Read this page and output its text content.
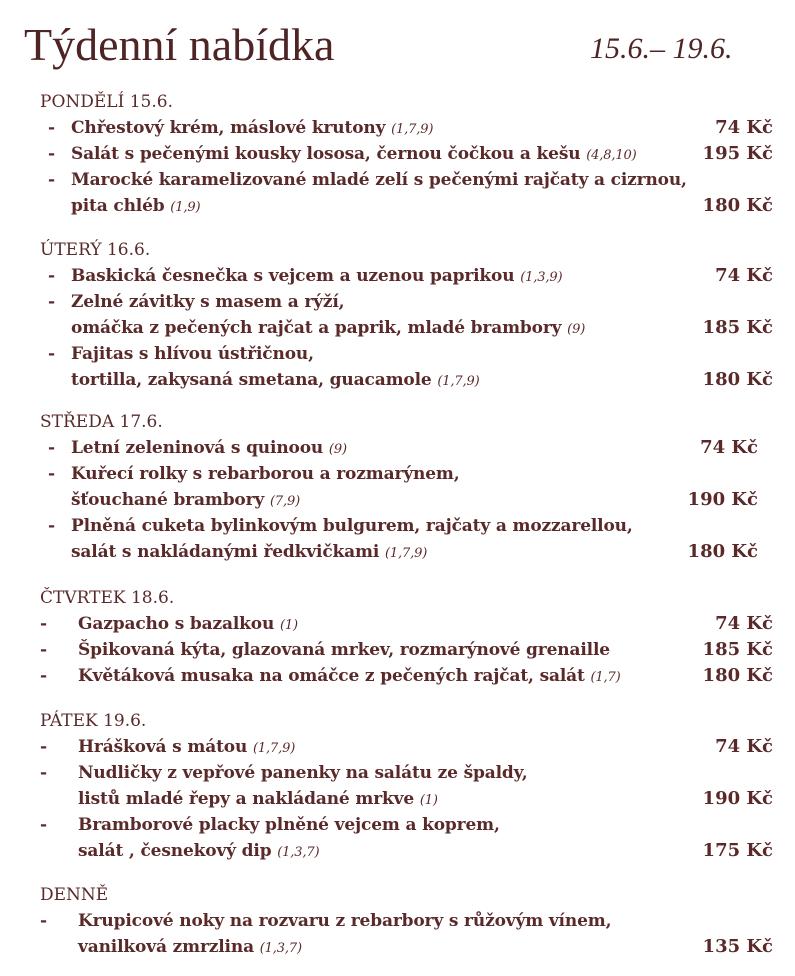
Týdenní nabídka	15.6.– 19.6.
PONDĚLÍ 15.6.
- Chřestový krém, máslové krutony (1,7,9)	74 Kč
- Salát s pečenými kousky lososa, černou čočkou a kešu (4,8,10)	195 Kč
- Marocké karamelizované mladé zelí s pečenými rajčaty a cizrnou,
pita chléb (1,9)	180 Kč
ÚTERÝ 16.6.
- Baskická česnečka s vejcem a uzenou paprikou (1,3,9)	74 Kč
- Zelné závitky s masem a rýží,
omáčka z pečených rajčat a paprik, mladé brambory (9)	185 Kč
- Fajitas s hlívou ústřičnou,
tortilla, zakysaná smetana, guacamole (1,7,9)	180 Kč
STŘEDA 17.6.
- Letní zeleninová s quinoou (9)	74 Kč
- Kuřecí rolky s rebarborou a rozmarýnem,
šťouchané brambory (7,9)	190 Kč
- Plněná cuketa bylinkovým bulgurem, rajčaty a mozzarellou,
salát s nakládanými ředkvičkami (1,7,9)	180 Kč
ČTVRTEK 18.6.
- Gazpacho s bazalkou (1)	74 Kč
- Špikovaná kýta, glazovaná mrkev, rozmarýnové grenaille	185 Kč
- Květáková musaka na omáčce z pečených rajčat, salát (1,7)	180 Kč
PÁTEK 19.6.
- Hrášková s mátou (1,7,9)	74 Kč
- Nudličky z vepřové panenky na salátu ze špaldy,
listů mladé řepy a nakládané mrkve (1)	190 Kč
- Bramborové placky plněné vejcem a koprem,
salát , česnekový dip (1,3,7)	175 Kč
DENNĚ
- Krupicové noky na rozvaru z rebarbory s růžovým vínem,
vanilková zmrzlina (1,3,7)	135 Kč
